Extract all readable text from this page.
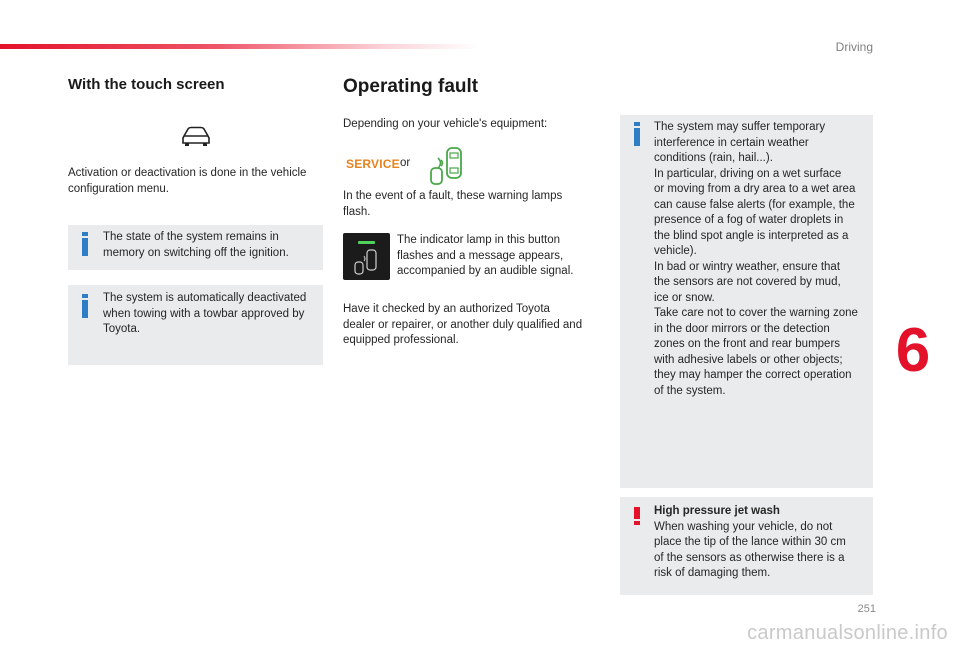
Driving
6
251
carmanualsonline.info
With the touch screen
Activation or deactivation is done in the vehicle
configuration menu.
The state of the system remains in
memory on switching off the ignition.
The system is automatically deactivated
when towing with a towbar approved by
Toyota.
Operating fault
Depending on your vehicle's equipment:
SERVICE or
In the event of a fault, these warning lamps
flash.
The indicator lamp in this button
flashes and a message appears,
accompanied by an audible signal.
Have it checked by an authorized Toyota
dealer or repairer, or another duly qualified and
equipped professional.
The system may suffer temporary
interference in certain weather
conditions (rain, hail...).
In particular, driving on a wet surface
or moving from a dry area to a wet area
can cause false alerts (for example, the
presence of a fog of water droplets in
the blind spot angle is interpreted as a
vehicle).
In bad or wintry weather, ensure that
the sensors are not covered by mud,
ice or snow.
Take care not to cover the warning zone
in the door mirrors or the detection
zones on the front and rear bumpers
with adhesive labels or other objects;
they may hamper the correct operation
of the system.
High pressure jet wash
When washing your vehicle, do not
place the tip of the lance within 30 cm
of the sensors as otherwise there is a
risk of damaging them.
